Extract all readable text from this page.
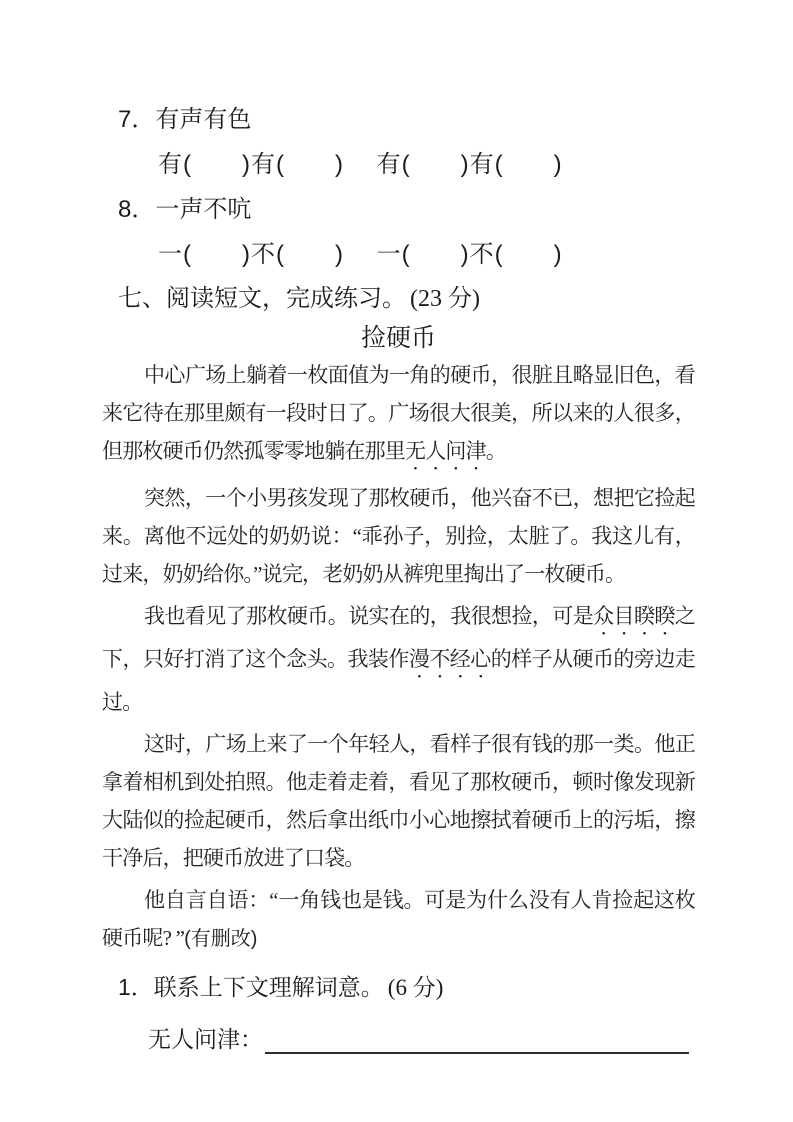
7． 有声有色
有(　　)有(　　)　 有(　　)有(　　)
8． 一声不吭
一(　　)不(　　)　 一(　　)不(　　)
七、阅读短文，完成练习。 (23 分)
捡硬币

中心广场上躺着一枚面值为一角的硬币，很脏且略显旧色，看来它待在那里颇有一段时日了。广场很大很美，所以来的人很多，但那枚硬币仍然孤零零地躺在那里无人问津。

突然，一个小男孩发现了那枚硬币，他兴奋不已，想把它捡起来。离他不远处的奶奶说：“乖孙子，别捡，太脏了。我这儿有，过来，奶奶给你。”说完，老奶奶从裤兜里掏出了一枚硬币。

我也看见了那枚硬币。说实在的，我很想捡，可是众目睽睽之下，只好打消了这个念头。我装作漫不经心的样子从硬币的旁边走过。

这时，广场上来了一个年轻人，看样子很有钱的那一类。他正拿着相机到处拍照。他走着走着，看见了那枚硬币，顿时像发现新大陆似的捡起硬币，然后拿出纸巾小心地擦拭着硬币上的污垢，擦干净后，把硬币放进了口袋。

他自言自语：“一角钱也是钱。可是为什么没有人肯捡起这枚硬币呢? ”(有删改)

1． 联系上下文理解词意。 (6 分)
无人问津：
